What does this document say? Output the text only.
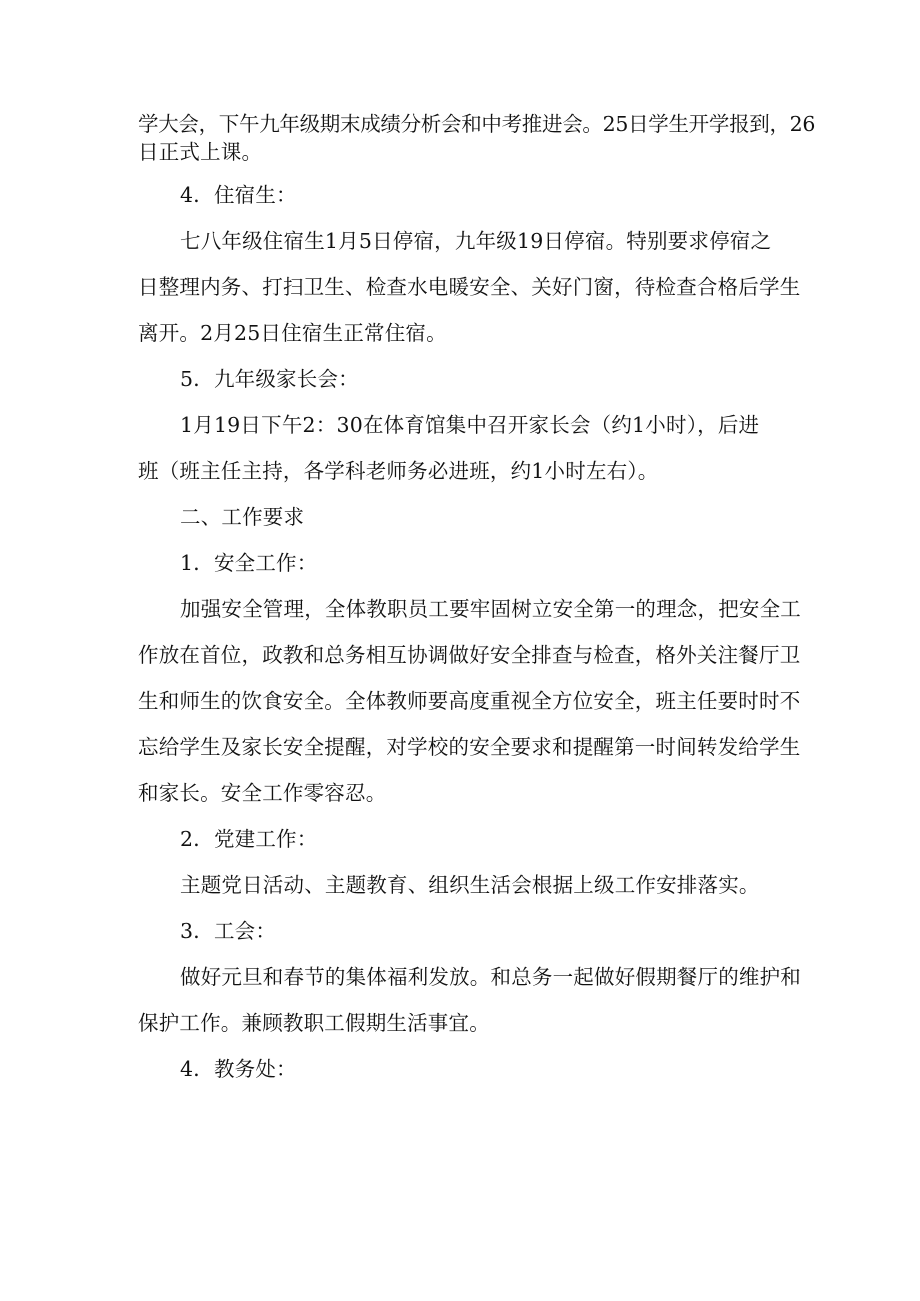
学大会，下午九年级期末成绩分析会和中考推进会。25日学生开学报到，26
日正式上课。
4．住宿生：
七八年级住宿生1月5日停宿，九年级19日停宿。特别要求停宿之
日整理内务、打扫卫生、检查水电暖安全、关好门窗，待检查合格后学生
离开。2月25日住宿生正常住宿。
5．九年级家长会：
1月19日下午2：30在体育馆集中召开家长会（约1小时），后进
班（班主任主持，各学科老师务必进班，约1小时左右）。
二、工作要求
1．安全工作：
加强安全管理，全体教职员工要牢固树立安全第一的理念，把安全工
作放在首位，政教和总务相互协调做好安全排查与检查，格外关注餐厅卫
生和师生的饮食安全。全体教师要高度重视全方位安全，班主任要时时不
忘给学生及家长安全提醒，对学校的安全要求和提醒第一时间转发给学生
和家长。安全工作零容忍。
2．党建工作：
主题党日活动、主题教育、组织生活会根据上级工作安排落实。
3．工会：
做好元旦和春节的集体福利发放。和总务一起做好假期餐厅的维护和
保护工作。兼顾教职工假期生活事宜。
4．教务处：
